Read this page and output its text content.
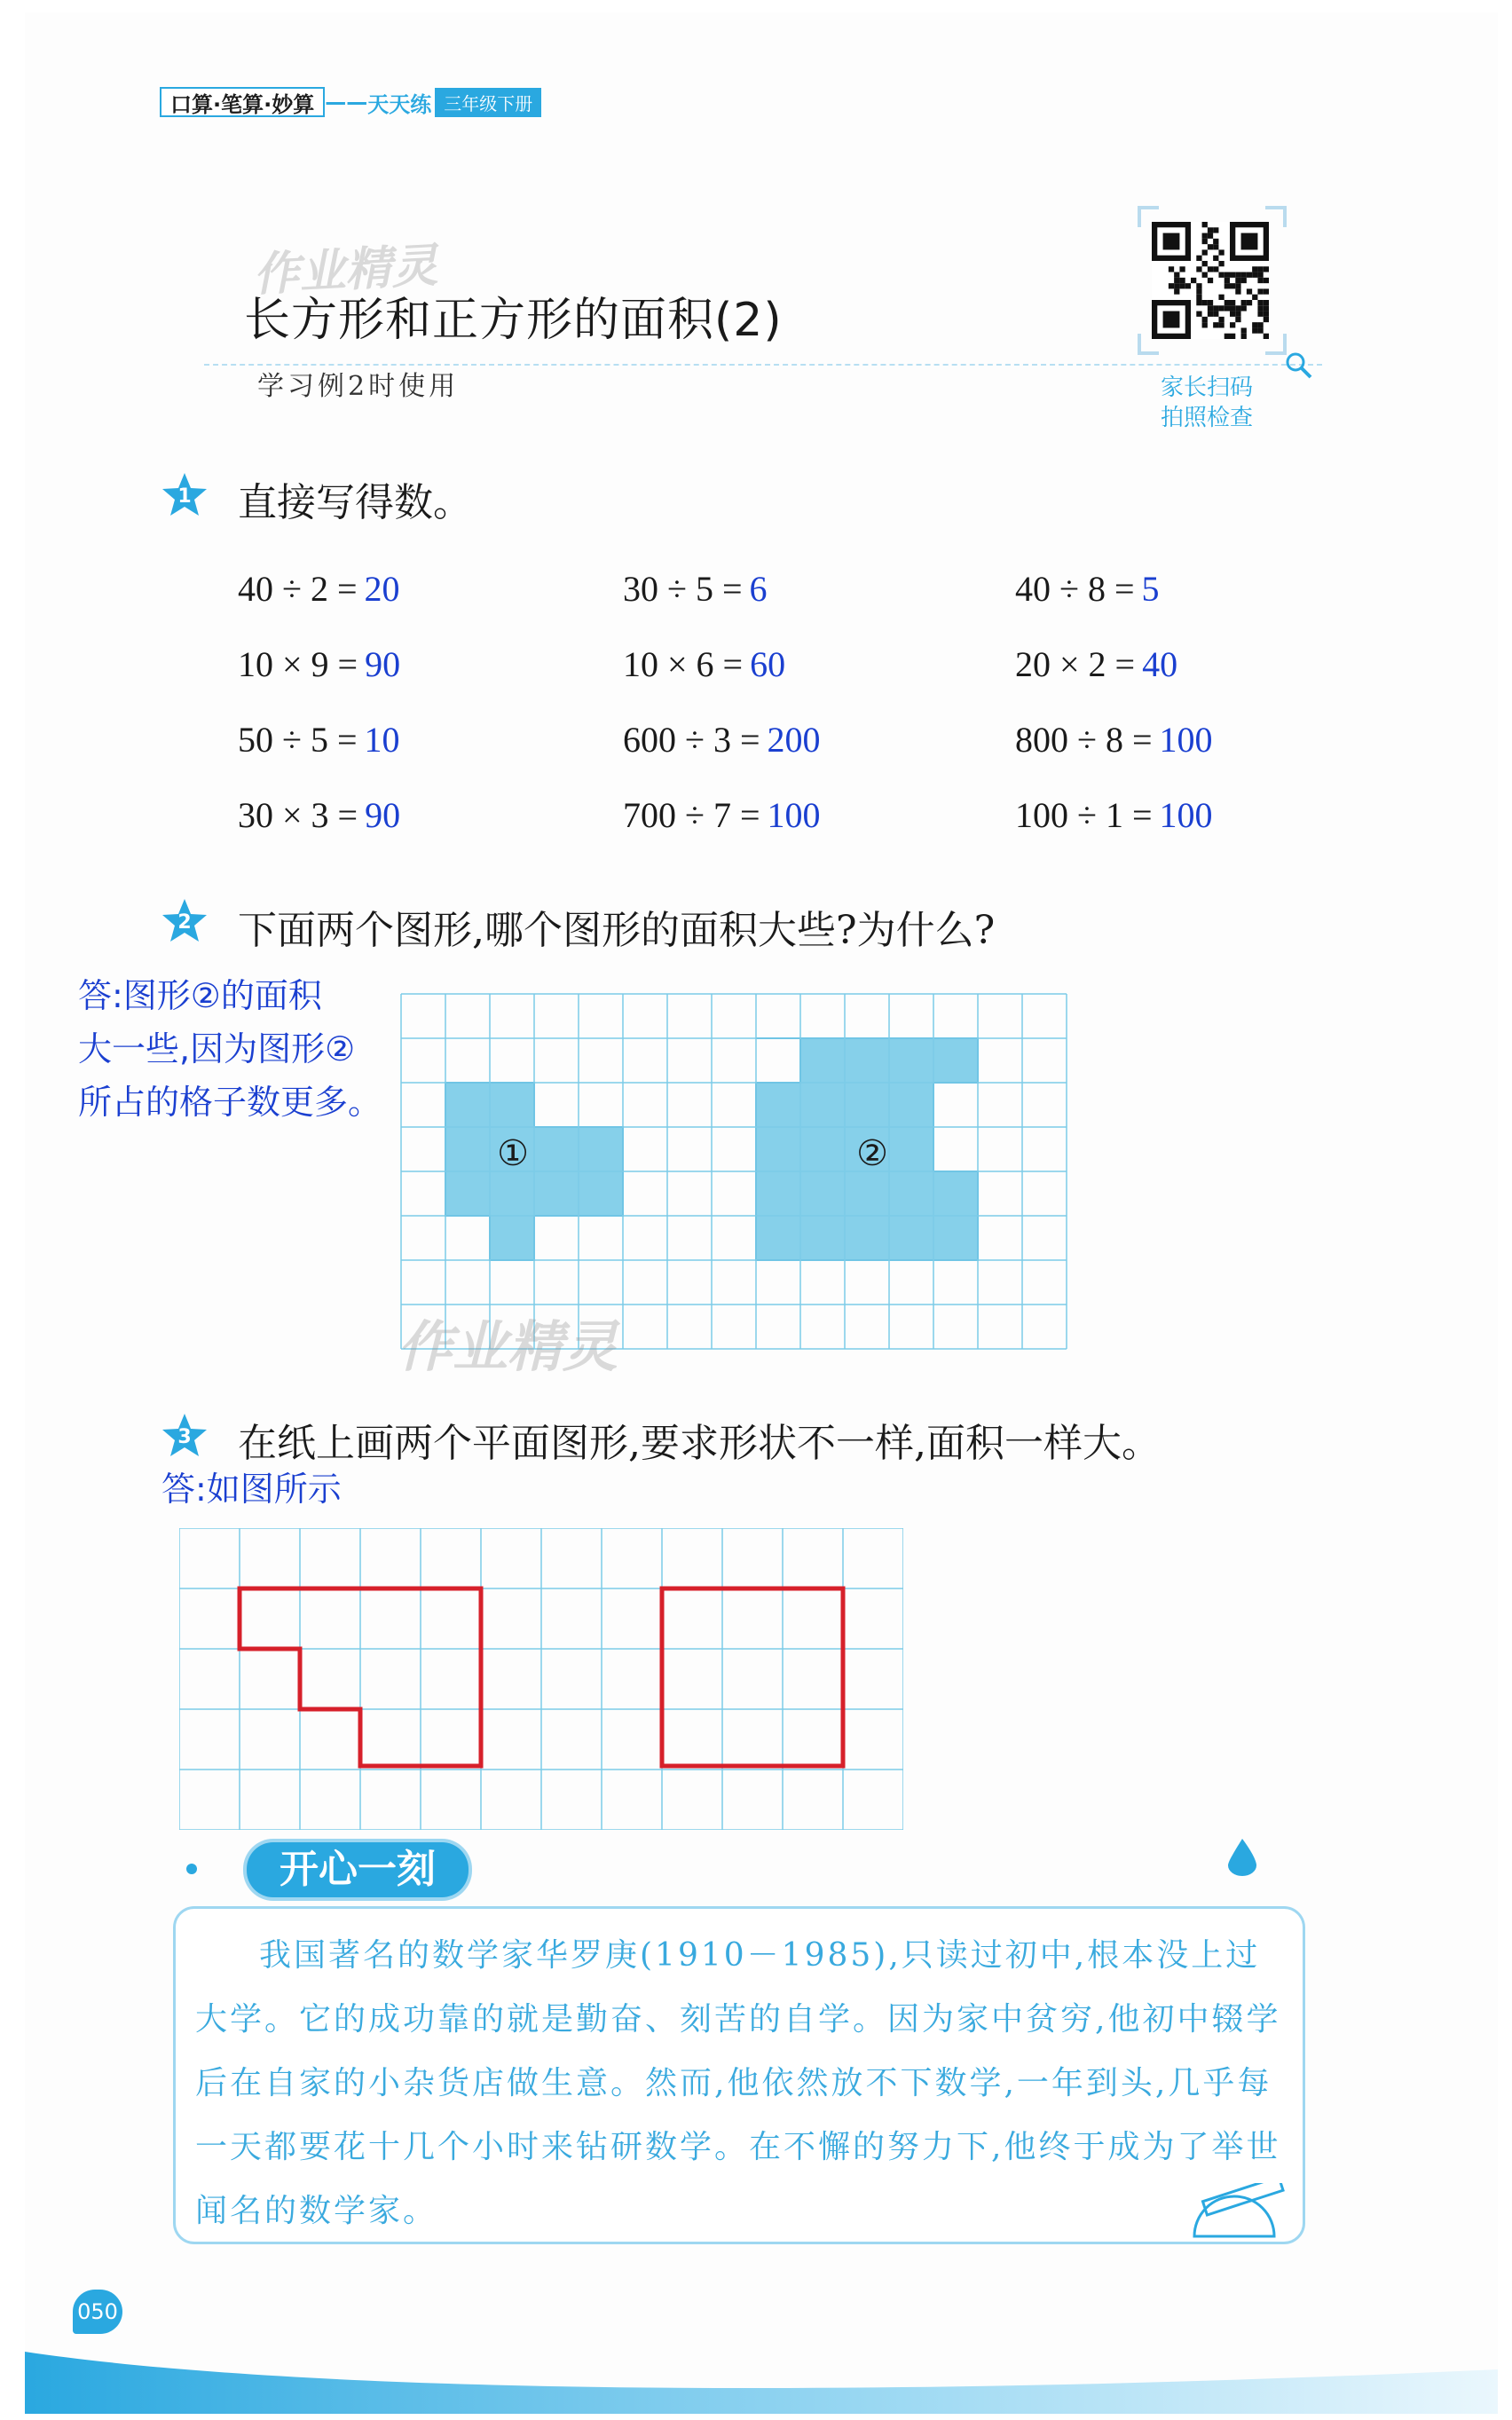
口算·笔算·妙算 —— 天天练 三年级下册
作业精灵
长方形和正方形的面积(2)
学习例2时使用	家长扫码
拍照检查
1 直接写得数。
40 ÷ 2 = 20	30 ÷ 5 = 6	40 ÷ 8 = 5
10 × 9 = 90	10 × 6 = 60	20 × 2 = 40
50 ÷ 5 = 10	600 ÷ 3 = 200	800 ÷ 8 = 100
30 × 3 = 90	700 ÷ 7 = 100	100 ÷ 1 = 100
2 下面两个图形,哪个图形的面积大些?为什么?
答:图形②的面积
大一些,因为图形②
所占的格子数更多。
①	②
作业精灵
3 在纸上画两个平面图形,要求形状不一样,面积一样大。
答:如图所示
开心一刻
我国著名的数学家华罗庚(1910－1985),只读过初中,根本没上过大学。它的成功靠的就是勤奋、刻苦的自学。因为家中贫穷,他初中辍学后在自家的小杂货店做生意。然而,他依然放不下数学,一年到头,几乎每一天都要花十几个小时来钻研数学。在不懈的努力下,他终于成为了举世闻名的数学家。
050
